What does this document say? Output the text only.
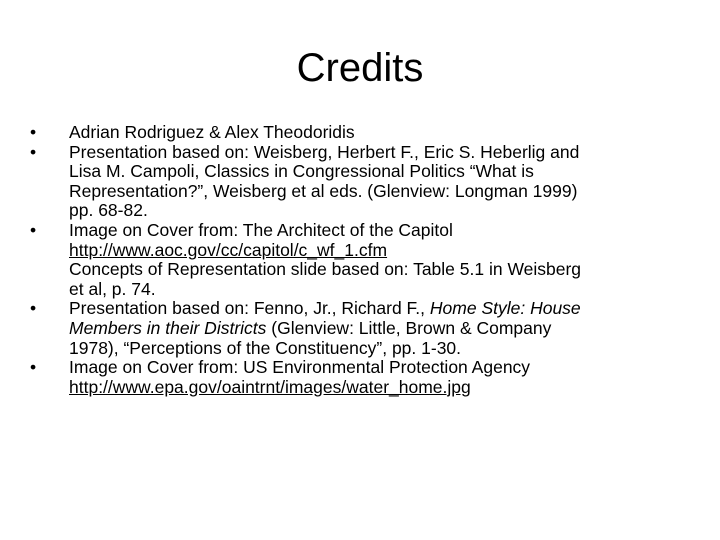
Credits
•	Adrian Rodriguez & Alex Theodoridis
•	Presentation based on: Weisberg, Herbert F., Eric S. Heberlig and
Lisa M. Campoli, Classics in Congressional Politics “What is
Representation?”, Weisberg et al eds. (Glenview: Longman 1999)
pp. 68-82.
•	Image on Cover from: The Architect of the Capitol
http://www.aoc.gov/cc/capitol/c_wf_1.cfm
Concepts of Representation slide based on: Table 5.1 in Weisberg
et al, p. 74.
•	Presentation based on: Fenno, Jr., Richard F., Home Style: House
Members in their Districts (Glenview: Little, Brown & Company
1978), “Perceptions of the Constituency”, pp. 1-30.
•	Image on Cover from: US Environmental Protection Agency
http://www.epa.gov/oaintrnt/images/water_home.jpg
